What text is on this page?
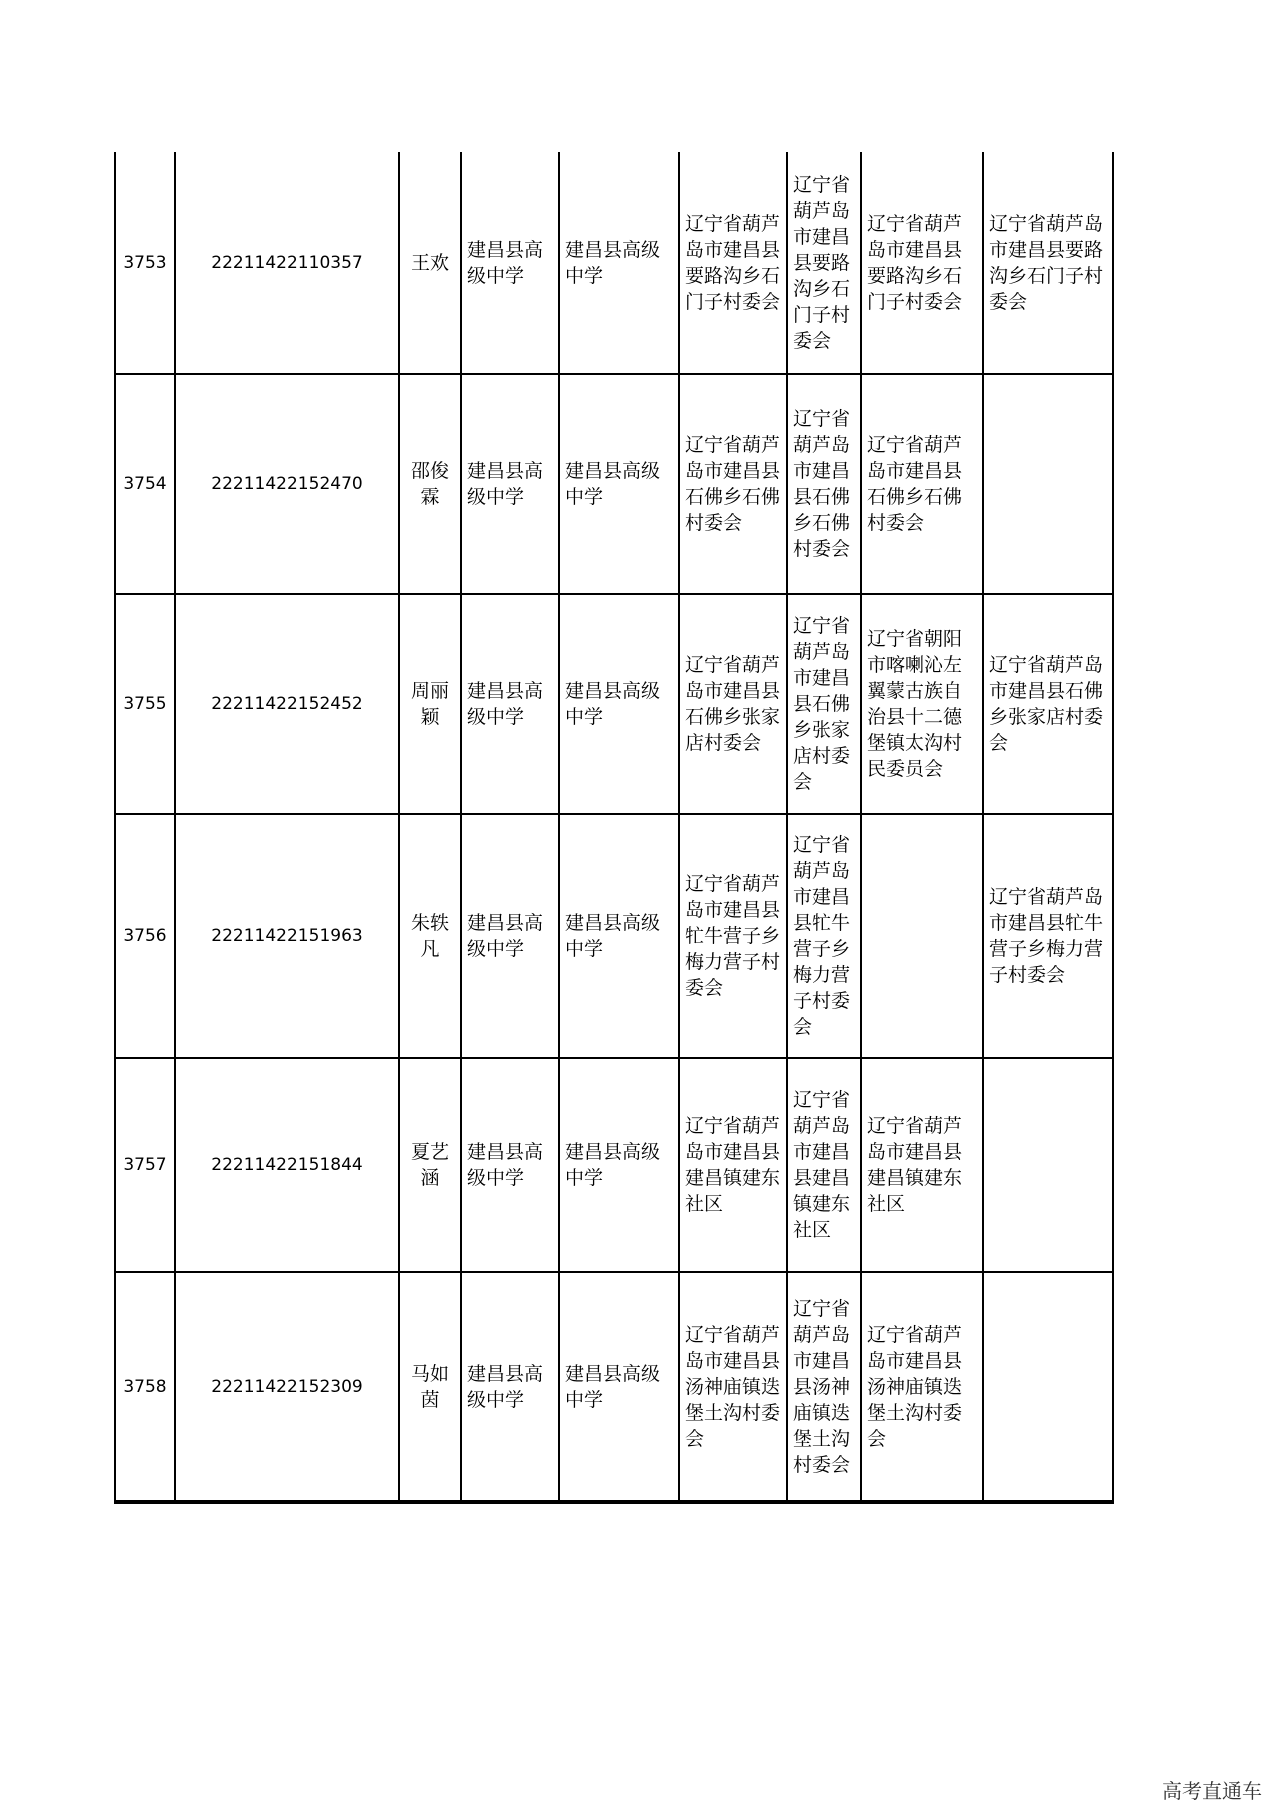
3753	22211422110357	王欢	建昌县高级中学	建昌县高级中学	辽宁省葫芦岛市建昌县要路沟乡石门子村委会	辽宁省葫芦岛市建昌县要路沟乡石门子村委会	辽宁省葫芦岛市建昌县要路沟乡石门子村委会	辽宁省葫芦岛市建昌县要路沟乡石门子村委会
3754	22211422152470	邵俊霖	建昌县高级中学	建昌县高级中学	辽宁省葫芦岛市建昌县石佛乡石佛村委会	辽宁省葫芦岛市建昌县石佛乡石佛村委会	辽宁省葫芦岛市建昌县石佛乡石佛村委会	
3755	22211422152452	周丽颖	建昌县高级中学	建昌县高级中学	辽宁省葫芦岛市建昌县石佛乡张家店村委会	辽宁省葫芦岛市建昌县石佛乡张家店村委会	辽宁省朝阳市喀喇沁左翼蒙古族自治县十二德堡镇太沟村民委员会	辽宁省葫芦岛市建昌县石佛乡张家店村委会
3756	22211422151963	朱轶凡	建昌县高级中学	建昌县高级中学	辽宁省葫芦岛市建昌县牤牛营子乡梅力营子村委会	辽宁省葫芦岛市建昌县牤牛营子乡梅力营子村委会		辽宁省葫芦岛市建昌县牤牛营子乡梅力营子村委会
3757	22211422151844	夏艺涵	建昌县高级中学	建昌县高级中学	辽宁省葫芦岛市建昌县建昌镇建东社区	辽宁省葫芦岛市建昌县建昌镇建东社区	辽宁省葫芦岛市建昌县建昌镇建东社区	
3758	22211422152309	马如茵	建昌县高级中学	建昌县高级中学	辽宁省葫芦岛市建昌县汤神庙镇迭堡土沟村委会	辽宁省葫芦岛市建昌县汤神庙镇迭堡土沟村委会	辽宁省葫芦岛市建昌县汤神庙镇迭堡土沟村委会	
高考直通车
